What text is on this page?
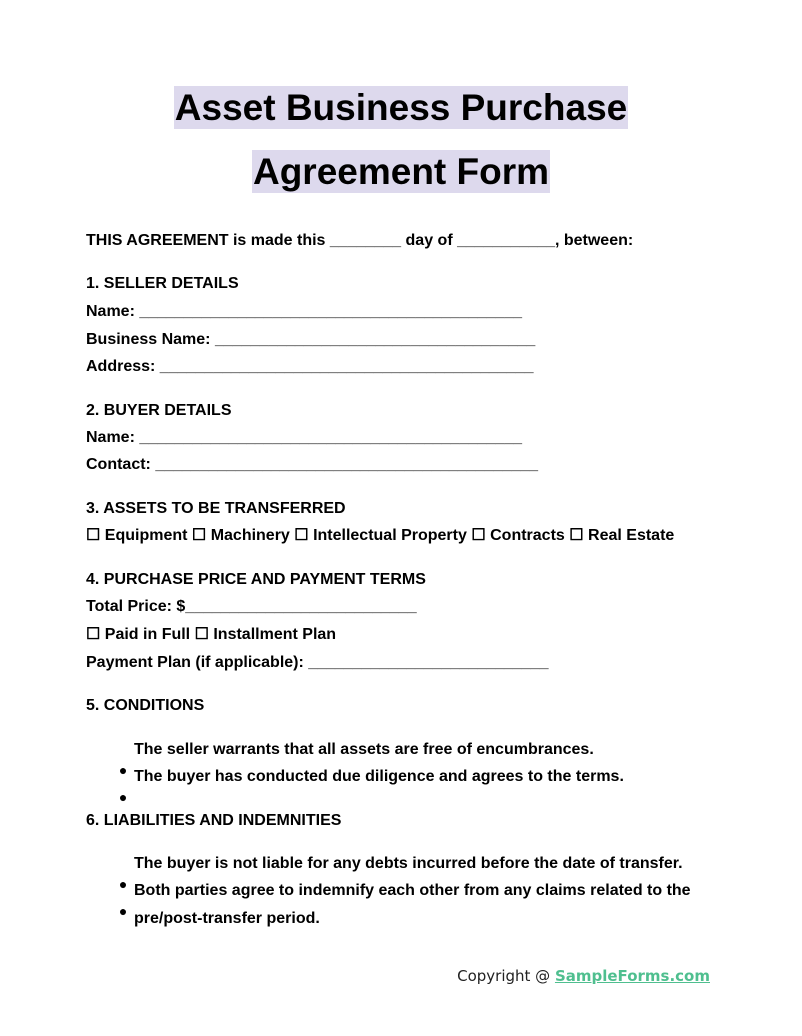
Asset Business Purchase
Agreement Form
THIS AGREEMENT is made this ________ day of ___________, between:
1. SELLER DETAILS
Name: ___________________________________________
Business Name: ____________________________________
Address: __________________________________________
2. BUYER DETAILS
Name: ___________________________________________
Contact: ___________________________________________
3. ASSETS TO BE TRANSFERRED
☐ Equipment ☐ Machinery ☐ Intellectual Property ☐ Contracts ☐ Real Estate
4. PURCHASE PRICE AND PAYMENT TERMS
Total Price: $__________________________
☐ Paid in Full ☐ Installment Plan
Payment Plan (if applicable): ___________________________
5. CONDITIONS

●
The seller warrants that all assets are free of encumbrances.

●
The buyer has conducted due diligence and agrees to the terms.

6. LIABILITIES AND INDEMNITIES

●
The buyer is not liable for any debts incurred before the date of transfer.

●
Both parties agree to indemnify each other from any claims related to the

pre/post-transfer period.

Copyright @ SampleForms.com
